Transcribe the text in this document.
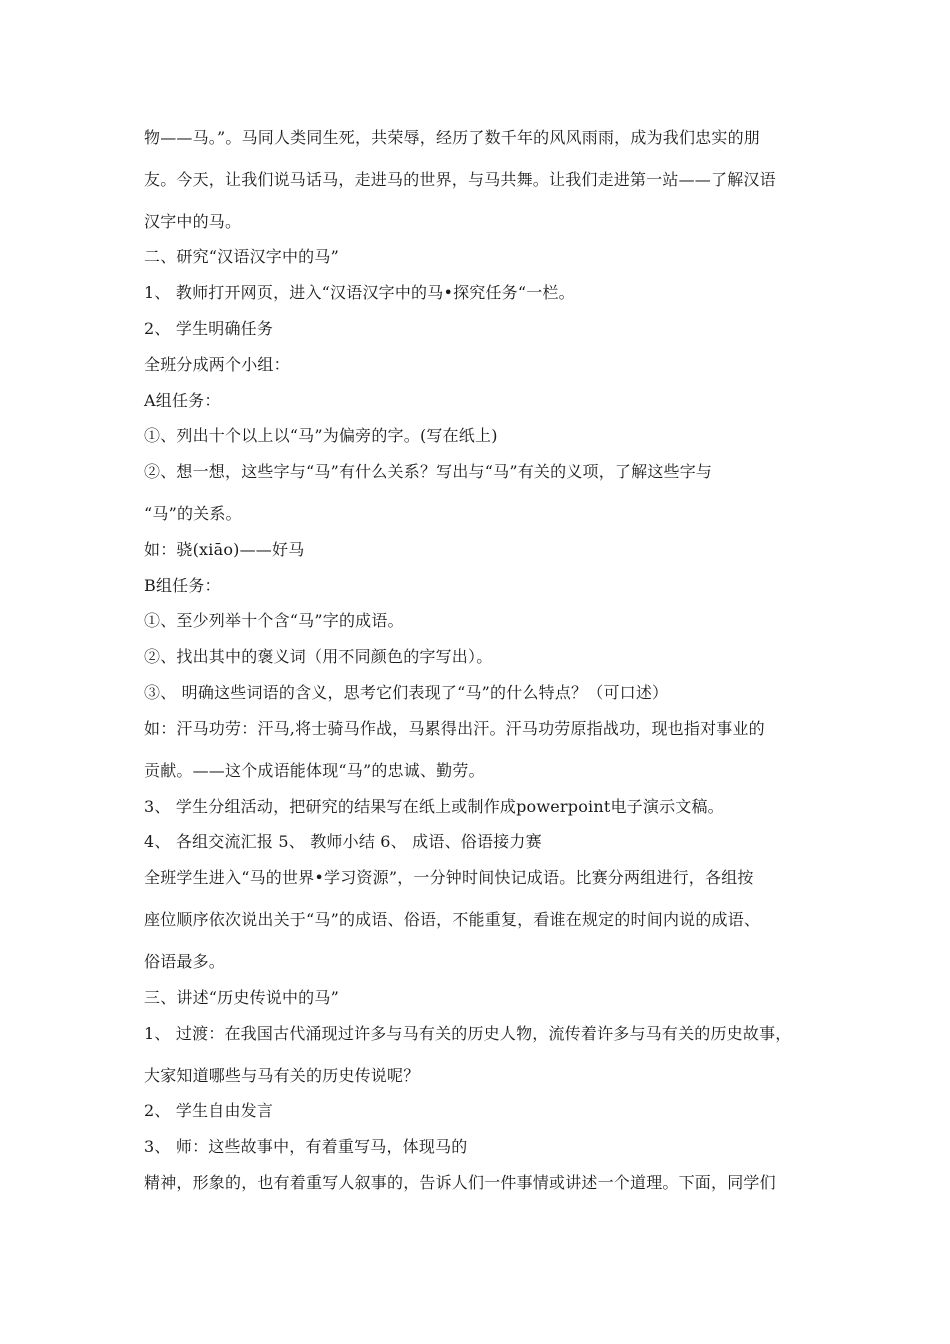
物——马。”。马同人类同生死，共荣辱，经历了数千年的风风雨雨，成为我们忠实的朋
友。今天，让我们说马话马，走进马的世界，与马共舞。让我们走进第一站——了解汉语
汉字中的马。
二、研究“汉语汉字中的马”
1、 教师打开网页，进入“汉语汉字中的马•探究任务“一栏。
2、 学生明确任务
全班分成两个小组：
A组任务：
①、列出十个以上以“马”为偏旁的字。(写在纸上)
②、想一想，这些字与“马”有什么关系？写出与“马”有关的义项，了解这些字与
“马”的关系。
如：骁(xiāo)——好马
B组任务：
①、至少列举十个含“马”字的成语。
②、找出其中的褒义词（用不同颜色的字写出）。
③、 明确这些词语的含义，思考它们表现了“马”的什么特点？（可口述）
如：汗马功劳：汗马,将士骑马作战，马累得出汗。汗马功劳原指战功，现也指对事业的
贡献。——这个成语能体现“马”的忠诚、勤劳。
3、 学生分组活动，把研究的结果写在纸上或制作成powerpoint电子演示文稿。
4、 各组交流汇报 5、 教师小结 6、 成语、俗语接力赛
全班学生进入“马的世界•学习资源”，一分钟时间快记成语。比赛分两组进行，各组按
座位顺序依次说出关于“马”的成语、俗语，不能重复，看谁在规定的时间内说的成语、
俗语最多。
三、讲述“历史传说中的马”
1、 过渡：在我国古代涌现过许多与马有关的历史人物，流传着许多与马有关的历史故事，
大家知道哪些与马有关的历史传说呢？
2、 学生自由发言
3、 师：这些故事中，有着重写马，体现马的
精神，形象的，也有着重写人叙事的，告诉人们一件事情或讲述一个道理。下面，同学们
